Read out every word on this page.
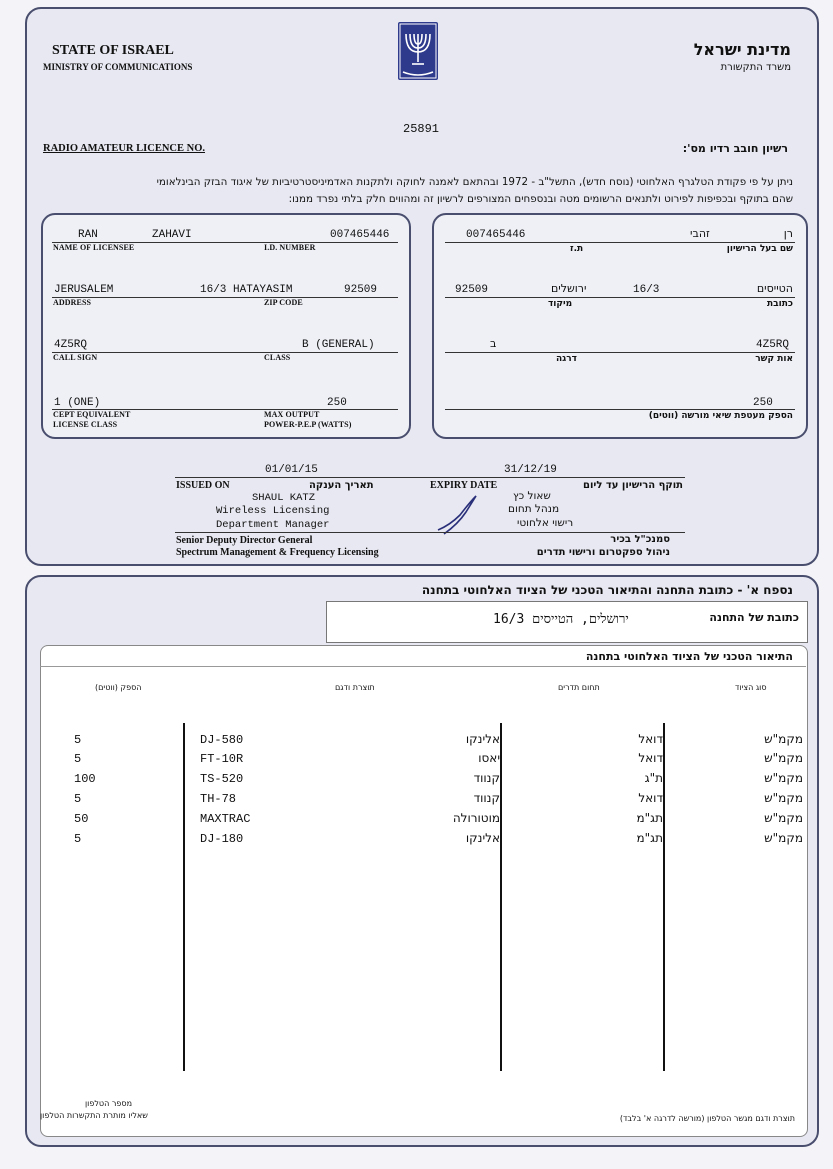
STATE OF ISRAEL
MINISTRY OF COMMUNICATIONS
מדינת ישראל
משרד התקשורת
25891
RADIO AMATEUR LICENCE NO.	רשיון חובב רדיו מס':
ניתן על פי פקודת הטלגרף האלחוטי (נוסח חדש), התשל"ב - 1972 ובהתאם לאמנה לחוקה ולתקנות האדמיניסטרטיביות של איגוד הבזק הבינלאומי
שהם בתוקף ובכפיפות לפירוט ולתנאים הרשומים מטה ובנספחים המצורפים לרשיון זה ומהווים חלק בלתי נפרד ממנו:
RAN	ZAHAVI	007465446
NAME OF LICENSEE	I.D. NUMBER
JERUSALEM	16/3 HATAYASIM	92509
ADDRESS	ZIP CODE
4Z5RQ	B (GENERAL)
CALL SIGN	CLASS
1 (ONE)	250
CEPT EQUIVALENT
LICENSE CLASS
MAX OUTPUT
POWER-P.E.P (WATTS)
007465446	זהבי	רן
שם בעל הרישיון
ת.ז
92509	ירושלים	16/3	הטייסים
כתובת
מיקוד
ב	4Z5RQ
אות קשר
דרגה
250
הספק מעטפת שיאי מורשה (ווטים)
01/01/15	31/12/19
ISSUED ON	תאריך הענקה	EXPIRY DATE	תוקף הרישיון עד ליום
SHAUL KATZ
Wireless Licensing
Department Manager
שאול כץ
מנהל תחום
רישוי אלחוטי
Senior Deputy Director General
Spectrum Management & Frequency Licensing
סמנכ"ל בכיר
ניהול ספקטרום ורישוי תדרים
נספח א' - כתובת התחנה והתיאור הטכני של הציוד האלחוטי בתחנה
כתובת של התחנה
ירושלים, הטייסים 16/3
התיאור הטכני של הציוד האלחוטי בתחנה
הספק (ווטים)	תוצרת ודגם	תחום תדרים	סוג הציוד
5	DJ-580	אלינקו	דואל	מקמ"ש
5	FT-10R	יאסו	דואל	מקמ"ש
100	TS-520	קנווד	ת"ג	מקמ"ש
5	TH-78	קנווד	דואל	מקמ"ש
50	MAXTRAC	מוטורולה	תג"מ	מקמ"ש
5	DJ-180	אלינקו	תג"מ	מקמ"ש
תוצרת ודגם מגשר הטלפון (מורשה לדרגה א' בלבד)
מספר הטלפון
שאליו מותרת התקשרות הטלפון
